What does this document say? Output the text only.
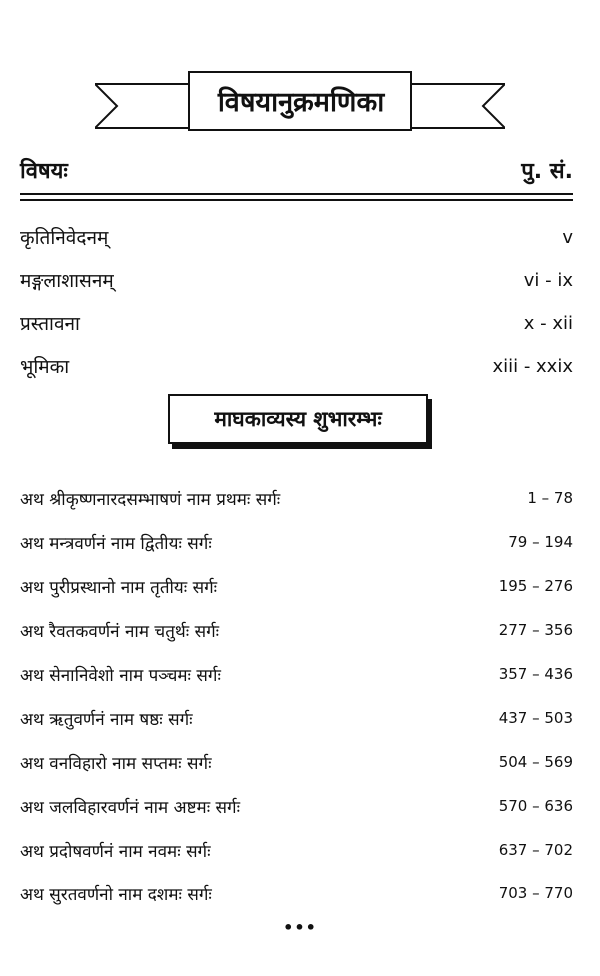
विषयानुक्रमणिका
विषयः	पु. सं.
कृतिनिवेदनम्	v
मङ्गलाशासनम्	vi - ix
प्रस्तावना	x - xii
भूमिका	xiii - xxix
माघकाव्यस्य शुभारम्भः
अथ श्रीकृष्णनारदसम्भाषणं नाम प्रथमः सर्गः	1 – 78
अथ मन्त्रवर्णनं नाम द्वितीयः सर्गः	79 – 194
अथ पुरीप्रस्थानो नाम तृतीयः सर्गः	195 – 276
अथ रैवतकवर्णनं नाम चतुर्थः सर्गः	277 – 356
अथ सेनानिवेशो नाम पञ्चमः सर्गः	357 – 436
अथ ऋतुवर्णनं नाम षष्ठः सर्गः	437 – 503
अथ वनविहारो नाम सप्तमः सर्गः	504 – 569
अथ जलविहारवर्णनं नाम अष्टमः सर्गः	570 – 636
अथ प्रदोषवर्णनं नाम नवमः सर्गः	637 – 702
अथ सुरतवर्णनो नाम दशमः सर्गः	703 – 770
•••
